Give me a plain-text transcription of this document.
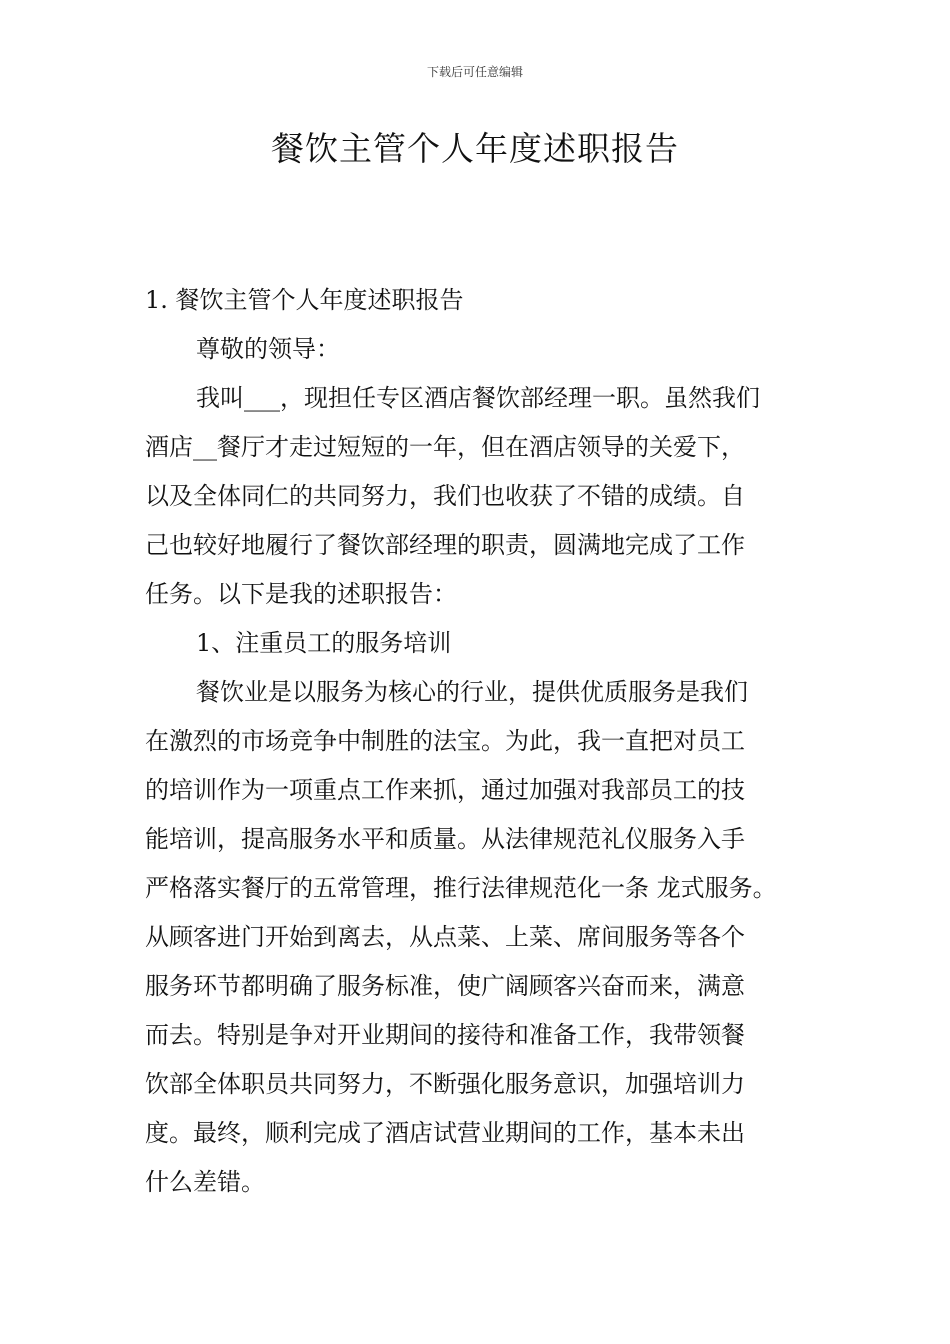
下载后可任意编辑
餐饮主管个人年度述职报告

1. 餐饮主管个人年度述职报告

尊敬的领导：

我叫___，现担任专区酒店餐饮部经理一职。虽然我们
酒店__餐厅才走过短短的一年，但在酒店领导的关爱下，
以及全体同仁的共同努力，我们也收获了不错的成绩。自
己也较好地履行了餐饮部经理的职责，圆满地完成了工作
任务。以下是我的述职报告：

1、注重员工的服务培训

餐饮业是以服务为核心的行业，提供优质服务是我们
在激烈的市场竞争中制胜的法宝。为此，我一直把对员工
的培训作为一项重点工作来抓，通过加强对我部员工的技
能培训，提高服务水平和质量。从法律规范礼仪服务入手
严格落实餐厅的五常管理，推行法律规范化一条 龙式服务。
从顾客进门开始到离去，从点菜、上菜、席间服务等各个
服务环节都明确了服务标准，使广阔顾客兴奋而来，满意
而去。特别是争对开业期间的接待和准备工作，我带领餐
饮部全体职员共同努力，不断强化服务意识，加强培训力
度。最终，顺利完成了酒店试营业期间的工作，基本未出
什么差错。
